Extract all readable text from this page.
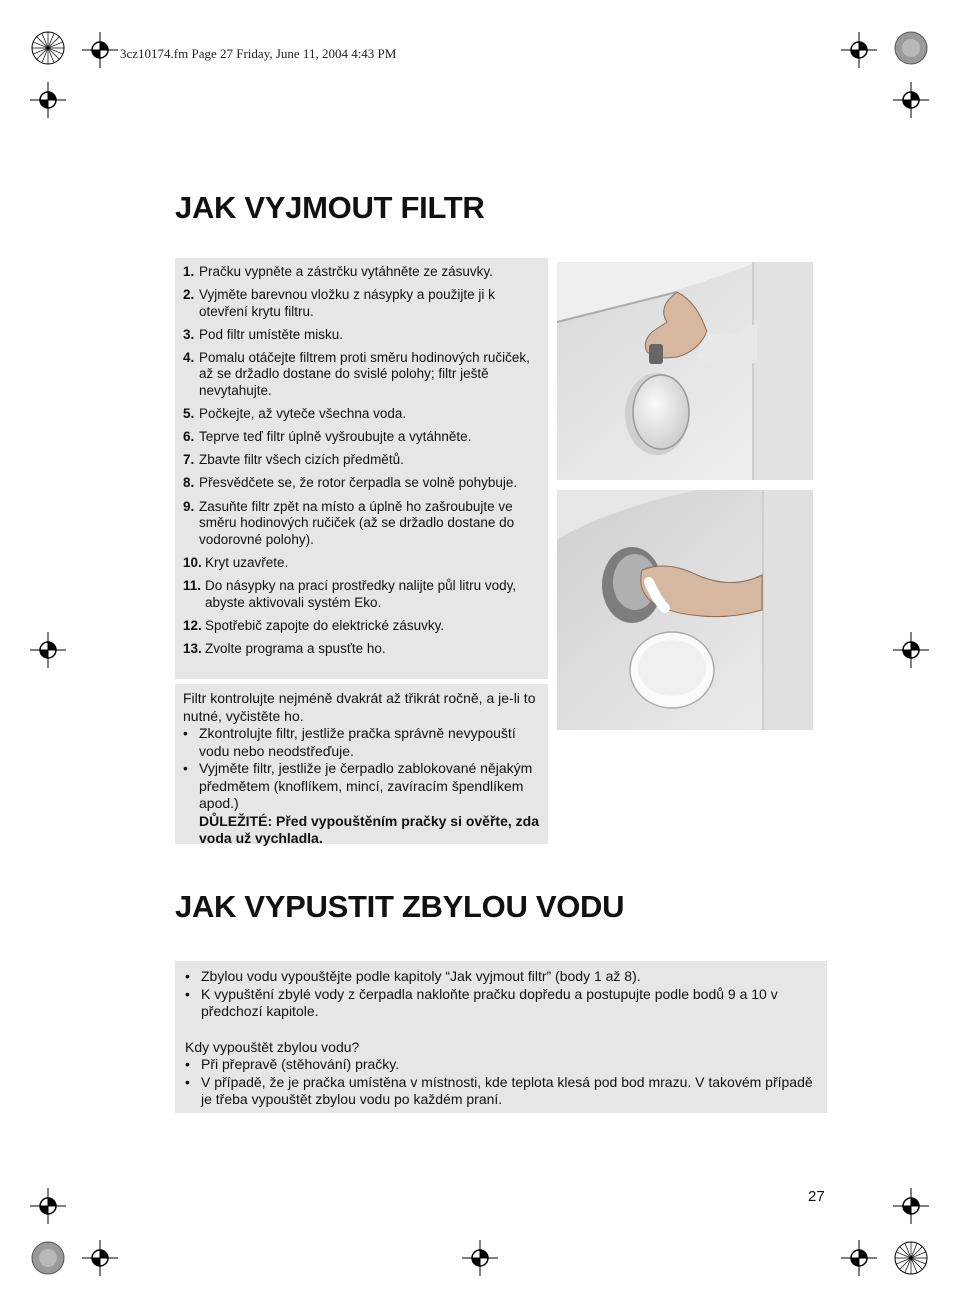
3cz10174.fm Page 27 Friday, June 11, 2004 4:43 PM
JAK VYJMOUT FILTR
1. Pračku vypněte a zástrčku vytáhněte ze zásuvky.
2. Vyjměte barevnou vložku z násypky a použijte ji k otevření krytu filtru.
3. Pod filtr umístěte misku.
4. Pomalu otáčejte filtrem proti směru hodinových ručiček, až se držadlo dostane do svislé polohy; filtr ještě nevytahujte.
5. Počkejte, až vyteče všechna voda.
6. Teprve teď filtr úplně vyšroubujte a vytáhněte.
7. Zbavte filtr všech cizích předmětů.
8. Přesvědčete se, že rotor čerpadla se volně pohybuje.
9. Zasuňte filtr zpět na místo a úplně ho zašroubujte ve směru hodinových ručiček (až se držadlo dostane do vodorovné polohy).
10. Kryt uzavřete.
11. Do násypky na prací prostředky nalijte půl litru vody, abyste aktivovali systém Eko.
12. Spotřebič zapojte do elektrické zásuvky.
13. Zvolte programa a spusťte ho.
Filtr kontrolujte nejméně dvakrát až třikrát ročně, a je-li to nutné, vyčistěte ho.
• Zkontrolujte filtr, jestliže pračka správně nevypouští vodu nebo neodstřeďuje.
• Vyjměte filtr, jestliže je čerpadlo zablokované nějakým předmětem (knoflíkem, mincí, zavíracím špendlíkem apod.)
DŮLEŽITÉ: Před vypouštěním pračky si ověřte, zda voda už vychladla.
JAK VYPUSTIT ZBYLOU VODU
• Zbylou vodu vypouštějte podle kapitoly “Jak vyjmout filtr” (body 1 až 8).
• K vypuštění zbylé vody z čerpadla nakloňte pračku dopředu a postupujte podle bodů 9 a 10 v předchozí kapitole.
Kdy vypouštět zbylou vodu?
• Při přepravě (stěhování) pračky.
• V případě, že je pračka umístěna v místnosti, kde teplota klesá pod bod mrazu. V takovém případě je třeba vypouštět zbylou vodu po každém praní.
27
